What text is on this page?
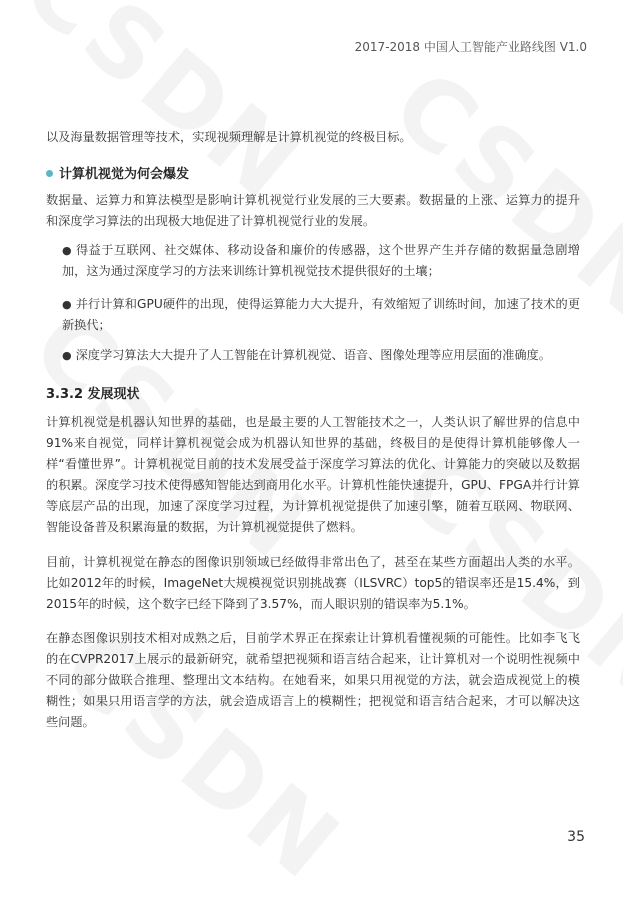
2017-2018 中国人工智能产业路线图 V1.0
以及海量数据管理等技术，实现视频理解是计算机视觉的终极目标。
计算机视觉为何会爆发
数据量、运算力和算法模型是影响计算机视觉行业发展的三大要素。数据量的上涨、运算力的提升和深度学习算法的出现极大地促进了计算机视觉行业的发展。
● 得益于互联网、社交媒体、移动设备和廉价的传感器，这个世界产生并存储的数据量急剧增加，这为通过深度学习的方法来训练计算机视觉技术提供很好的土壤；
● 并行计算和GPU硬件的出现，使得运算能力大大提升，有效缩短了训练时间，加速了技术的更新换代；
● 深度学习算法大大提升了人工智能在计算机视觉、语音、图像处理等应用层面的准确度。
3.3.2 发展现状
计算机视觉是机器认知世界的基础，也是最主要的人工智能技术之一，人类认识了解世界的信息中91%来自视觉，同样计算机视觉会成为机器认知世界的基础，终极目的是使得计算机能够像人一样“看懂世界”。计算机视觉目前的技术发展受益于深度学习算法的优化、计算能力的突破以及数据的积累。深度学习技术使得感知智能达到商用化水平。计算机性能快速提升，GPU、FPGA并行计算等底层产品的出现，加速了深度学习过程，为计算机视觉提供了加速引擎，随着互联网、物联网、智能设备普及积累海量的数据，为计算机视觉提供了燃料。
目前，计算机视觉在静态的图像识别领域已经做得非常出色了，甚至在某些方面超出人类的水平。比如2012年的时候，ImageNet大规模视觉识别挑战赛（ILSVRC）top5的错误率还是15.4%，到2015年的时候，这个数字已经下降到了3.57%，而人眼识别的错误率为5.1%。
在静态图像识别技术相对成熟之后，目前学术界正在探索让计算机看懂视频的可能性。比如李飞飞的在CVPR2017上展示的最新研究，就希望把视频和语言结合起来，让计算机对一个说明性视频中不同的部分做联合推理、整理出文本结构。在她看来，如果只用视觉的方法，就会造成视觉上的模糊性；如果只用语言学的方法，就会造成语言上的模糊性；把视觉和语言结合起来，才可以解决这些问题。
35
